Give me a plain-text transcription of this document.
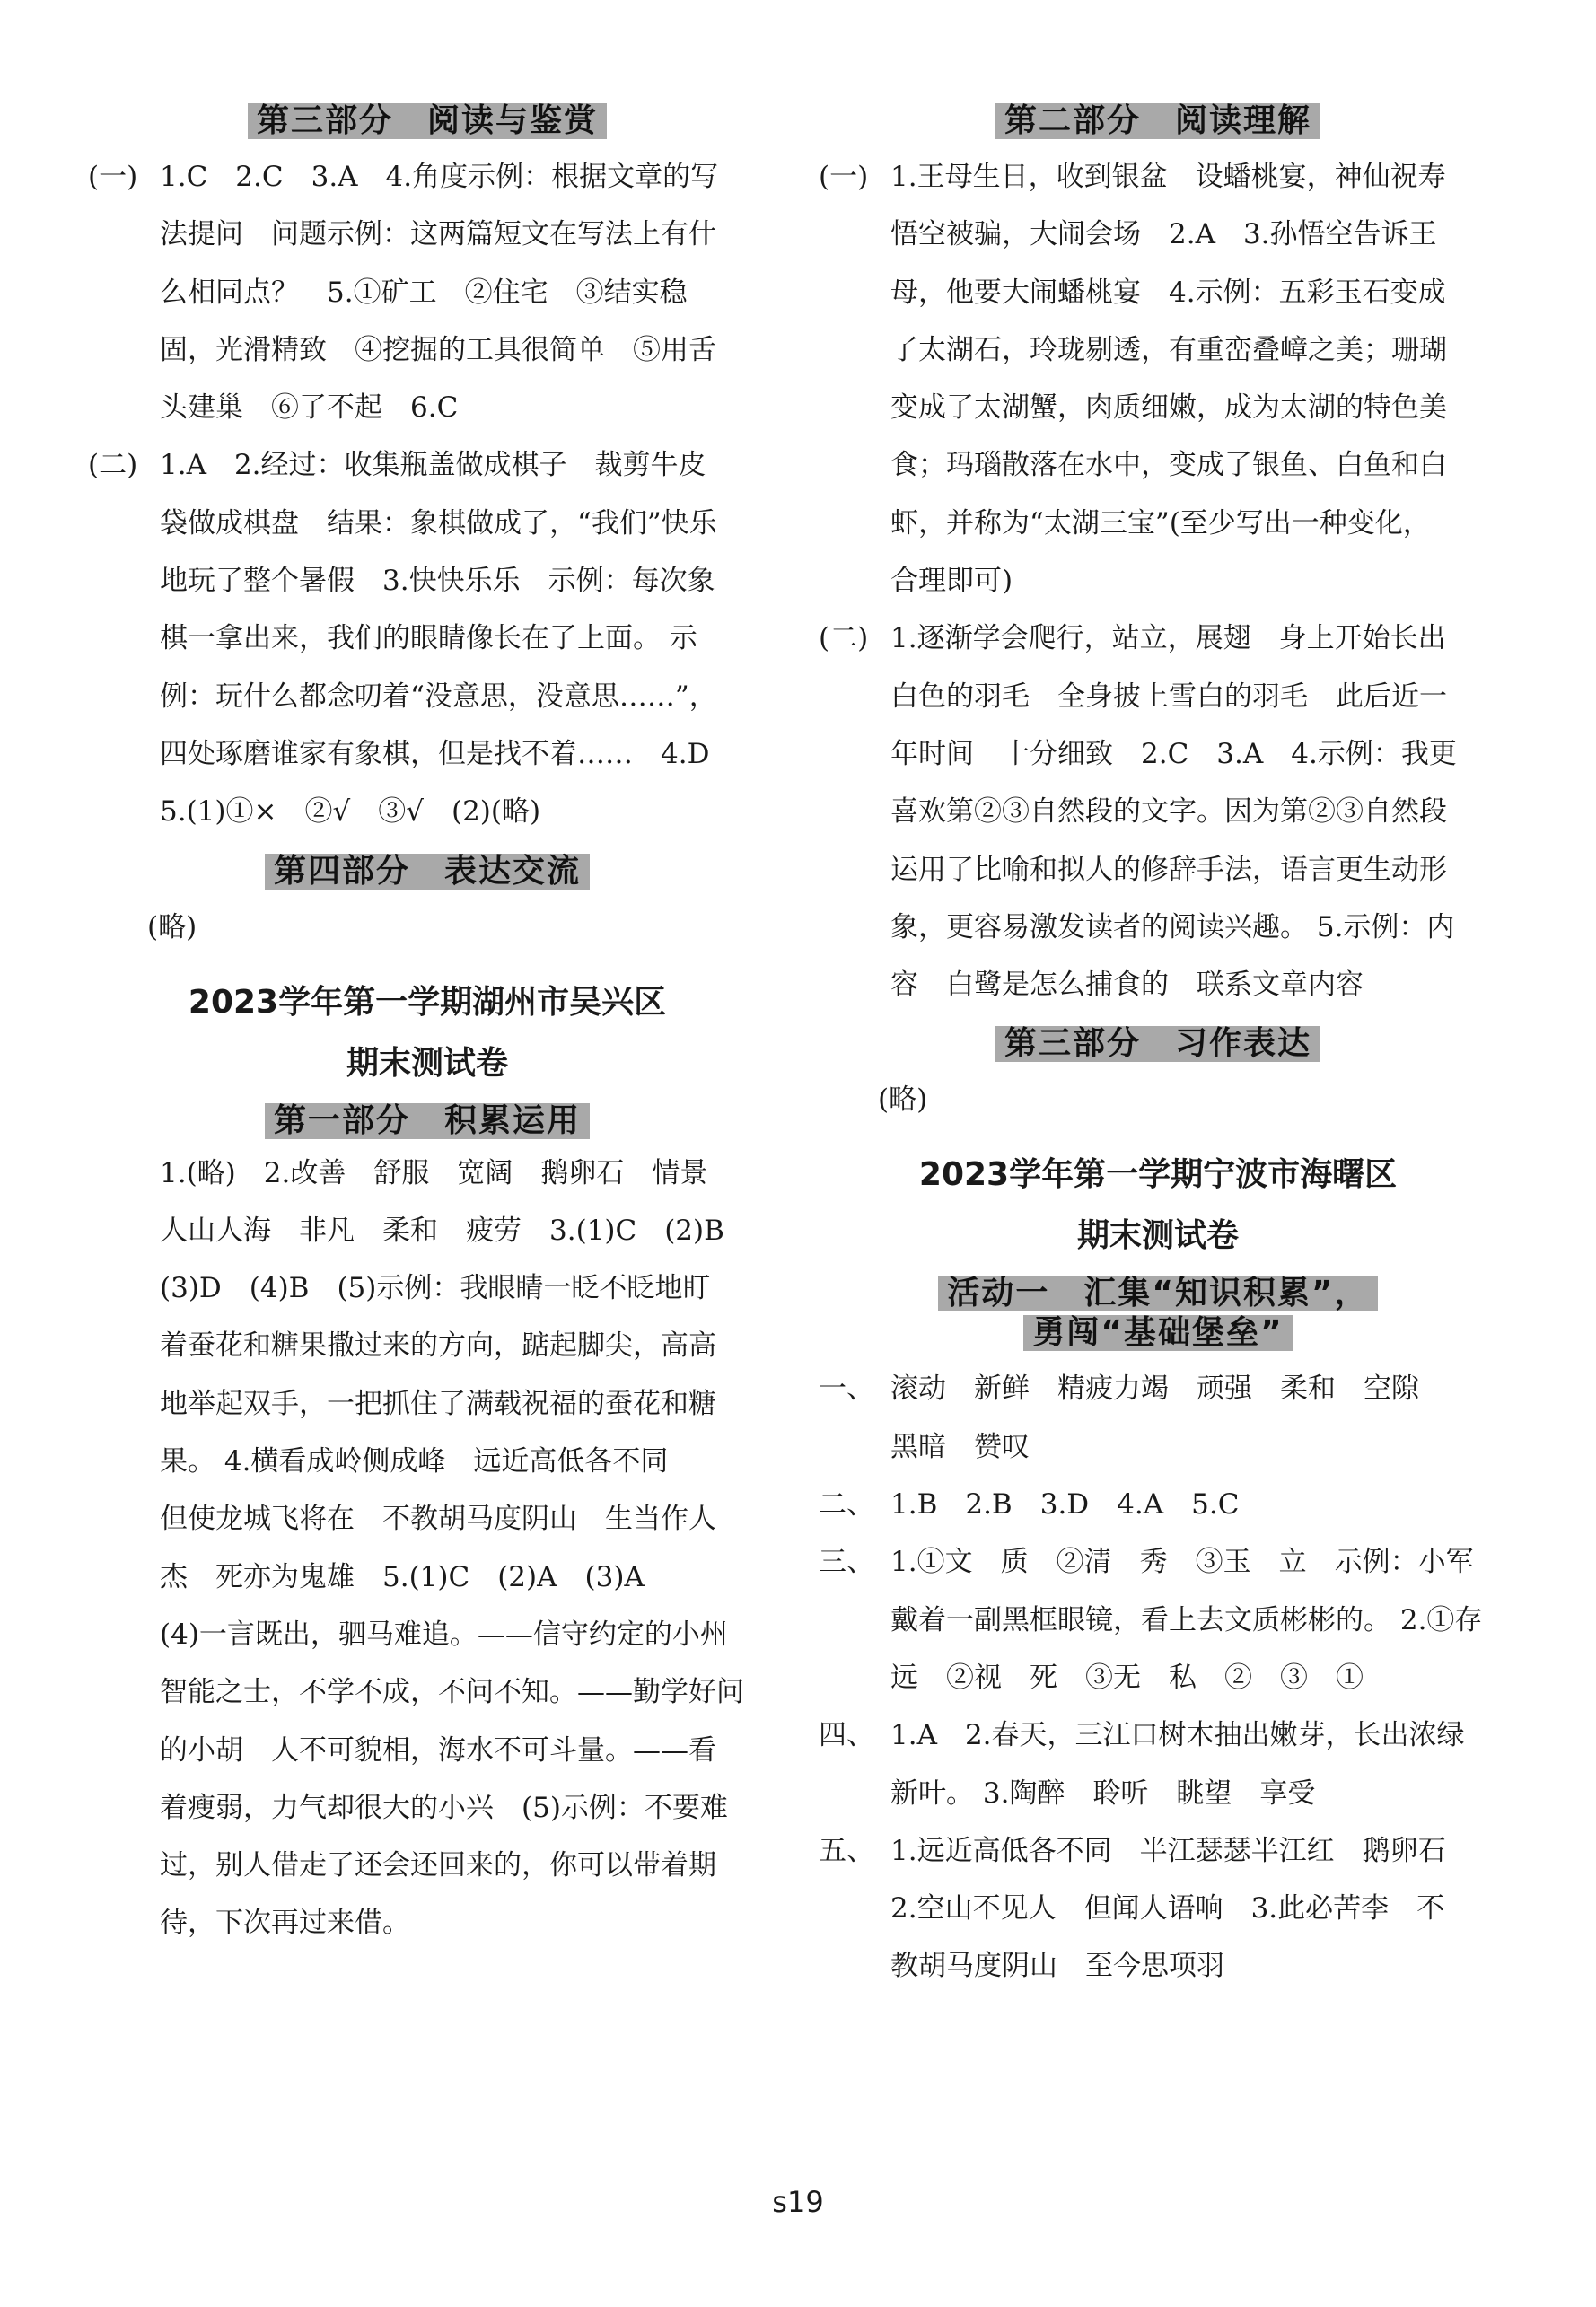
第三部分　阅读与鉴赏
(一) 1.C　2.C　3.A　4.角度示例：根据文章的写
法提问　问题示例：这两篇短文在写法上有什
么相同点？　5.①矿工　②住宅　③结实稳
固，光滑精致　④挖掘的工具很简单　⑤用舌
头建巢　⑥了不起　6.C
(二) 1.A　2.经过：收集瓶盖做成棋子　裁剪牛皮
袋做成棋盘　结果：象棋做成了，“我们”快乐
地玩了整个暑假　3.快快乐乐　示例：每次象
棋一拿出来，我们的眼睛像长在了上面。 示
例：玩什么都念叨着“没意思，没意思……”，
四处琢磨谁家有象棋，但是找不着……　4.D
5.(1)①×　②√　③√　(2)(略)
第四部分　表达交流
(略)
2023学年第一学期湖州市吴兴区
期末测试卷
第一部分　积累运用
1.(略)　2.改善　舒服　宽阔　鹅卵石　情景
人山人海　非凡　柔和　疲劳　3.(1)C　(2)B
(3)D　(4)B　(5)示例：我眼睛一眨不眨地盯
着蚕花和糖果撒过来的方向，踮起脚尖，高高
地举起双手，一把抓住了满载祝福的蚕花和糖
果。 4.横看成岭侧成峰　远近高低各不同
但使龙城飞将在　不教胡马度阴山　生当作人
杰　死亦为鬼雄　5.(1)C　(2)A　(3)A
(4)一言既出，驷马难追。——信守约定的小州
智能之士，不学不成，不问不知。——勤学好问
的小胡　人不可貌相，海水不可斗量。——看
着瘦弱，力气却很大的小兴　(5)示例：不要难
过，别人借走了还会还回来的，你可以带着期
待，下次再过来借。
第二部分　阅读理解
(一) 1.王母生日，收到银盆　设蟠桃宴，神仙祝寿
悟空被骗，大闹会场　2.A　3.孙悟空告诉王
母，他要大闹蟠桃宴　4.示例：五彩玉石变成
了太湖石，玲珑剔透，有重峦叠嶂之美；珊瑚
变成了太湖蟹，肉质细嫩，成为太湖的特色美
食；玛瑙散落在水中，变成了银鱼、白鱼和白
虾，并称为“太湖三宝”(至少写出一种变化，
合理即可)
(二) 1.逐渐学会爬行，站立，展翅　身上开始长出
白色的羽毛　全身披上雪白的羽毛　此后近一
年时间　十分细致　2.C　3.A　4.示例：我更
喜欢第②③自然段的文字。因为第②③自然段
运用了比喻和拟人的修辞手法，语言更生动形
象，更容易激发读者的阅读兴趣。 5.示例：内
容　白鹭是怎么捕食的　联系文章内容
第三部分　习作表达
(略)
2023学年第一学期宁波市海曙区
期末测试卷
活动一　汇集“知识积累”，
勇闯“基础堡垒”
一、 滚动　新鲜　精疲力竭　顽强　柔和　空隙
黑暗　赞叹
二、 1.B　2.B　3.D　4.A　5.C
三、 1.①文　质　②清　秀　③玉　立　示例：小军
戴着一副黑框眼镜，看上去文质彬彬的。 2.①存
远　②视　死　③无　私　②　③　①
四、 1.A　2.春天，三江口树木抽出嫩芽，长出浓绿
新叶。 3.陶醉　聆听　眺望　享受
五、 1.远近高低各不同　半江瑟瑟半江红　鹅卵石
2.空山不见人　但闻人语响　3.此必苦李　不
教胡马度阴山　至今思项羽
s19
